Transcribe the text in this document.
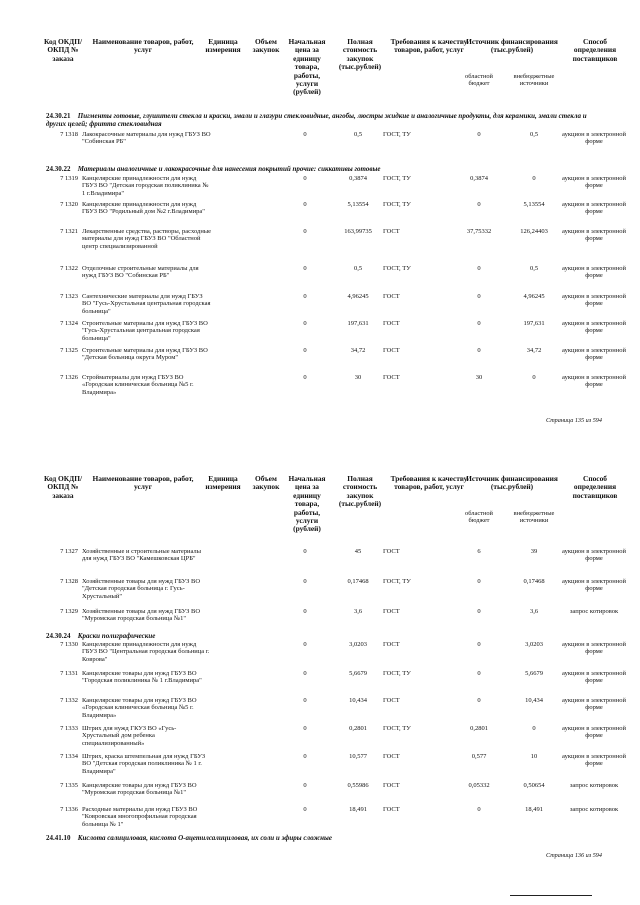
Код ОКДП/ ОКПД № заказа
Наименование товаров, работ, услуг
Единица измерения
Объем закупок
Начальная цена за единицу товара, работы, услуги (рублей)
Полная стоимость закупок (тыс.рублей)
Требования к качеству товаров, работ, услуг
Источник финансирования (тыс.рублей)
областной бюджет
внебюджетные источники
Способ определения поставщиков
24.30.21 Пигменты готовые, глушители стекла и краски, эмали и глазури стекловидные, ангобы, люстры жидкие и аналогичные продукты, для керамики, эмали стекла и других целей; фритта стекловидная
7 1318 Лакокрасочные материалы для нужд ГБУЗ ВО "Собинская РБ"
0	0,5	ГОСТ, ТУ	0	0,5	аукцион в электронной форме
24.30.22 Материалы аналогичные и лакокрасочные для нанесения покрытий прочие: сиккативы готовые
7 1319 Канцелярские принадлежности для нужд ГБУЗ ВО "Детская городская поликлиника № 1 г.Владимира"
0	0,3874	ГОСТ, ТУ	0,3874	0	аукцион в электронной форме
7 1320 Канцелярские принадлежности для нужд ГБУЗ ВО "Родильный дом №2 г.Владимира"
0	5,13554	ГОСТ, ТУ	0	5,13554	аукцион в электронной форме
7 1321 Лекарственные средства, растворы, расходные материалы для нужд ГБУЗ ВО "Областной центр специализированной
0	163,99735	ГОСТ	37,75332	126,24403	аукцион в электронной форме
7 1322 Отделочные строительные материалы для нужд ГБУЗ ВО "Собинская РБ"
0	0,5	ГОСТ, ТУ	0	0,5	аукцион в электронной форме
7 1323 Сантехнические материалы для нужд ГБУЗ ВО "Гусь-Хрустальная центральная городская больница"
0	4,96245	ГОСТ	0	4,96245	аукцион в электронной форме
7 1324 Строительные материалы для нужд ГБУЗ ВО "Гусь-Хрустальная центральная городская больница"
0	197,631	ГОСТ	0	197,631	аукцион в электронной форме
7 1325 Строительные материалы для нужд ГБУЗ ВО "Детская больница округа Муром"
0	34,72	ГОСТ	0	34,72	аукцион в электронной форме
7 1326 Стройматериалы для нужд ГБУЗ ВО «Городская клиническая больница №5 г. Владимира»
0	30	ГОСТ	30	0	аукцион в электронной форме
Страница 135 из 594
Код ОКДП/ ОКПД № заказа
Наименование товаров, работ, услуг
Единица измерения
Объем закупок
Начальная цена за единицу товара, работы, услуги (рублей)
Полная стоимость закупок (тыс.рублей)
Требования к качеству товаров, работ, услуг
Источник финансирования (тыс.рублей)
областной бюджет
внебюджетные источники
Способ определения поставщиков
7 1327 Хозяйственные и строительные материалы для нужд ГБУЗ ВО "Камешковская ЦРБ"
0	45	ГОСТ	6	39	аукцион в электронной форме
7 1328 Хозяйственные товары для нужд ГБУЗ ВО "Детская городская больница г. Гусь-Хрустальный"
0	0,17468	ГОСТ, ТУ	0	0,17468	аукцион в электронной форме
7 1329 Хозяйственные товары для нужд ГБУЗ ВО "Муромская городская больница №1"
0	3,6	ГОСТ	0	3,6	запрос котировок
24.30.24 Краски полиграфические
7 1330 Канцелярские принадлежности для нужд ГБУЗ ВО "Центральная городская больница г. Коврова"
0	3,0203	ГОСТ	0	3,0203	аукцион в электронной форме
7 1331 Канцелярские товары для нужд ГБУЗ ВО "Городская поликлиника № 1 г.Владимира"
0	5,6679	ГОСТ, ТУ	0	5,6679	аукцион в электронной форме
7 1332 Канцелярские товары для нужд ГБУЗ ВО «Городская клиническая больница №5 г. Владимира»
0	10,434	ГОСТ	0	10,434	аукцион в электронной форме
7 1333 Штрих для нужд ГКУЗ ВО «Гусь-Хрустальный дом ребенка специализированный»
0	0,2801	ГОСТ, ТУ	0,2801	0	аукцион в электронной форме
7 1334 Штрих, краска штемпельная для нужд ГБУЗ ВО "Детская городская поликлиника № 1 г. Владимира"
0	10,577	ГОСТ	0,577	10	аукцион в электронной форме
7 1335 Канцелярские товары для нужд ГБУЗ ВО "Муромская городская больница №1"
0	0,55986	ГОСТ	0,05332	0,50654	запрос котировок
7 1336 Расходные материалы для нужд ГБУЗ ВО "Ковровская многопрофильная городская больница № 1"
0	18,491	ГОСТ	0	18,491	запрос котировок
24.41.10 Кислота салициловая, кислота О-ацетилсалициловая, их соли и эфиры сложные
Страница 136 из 594
